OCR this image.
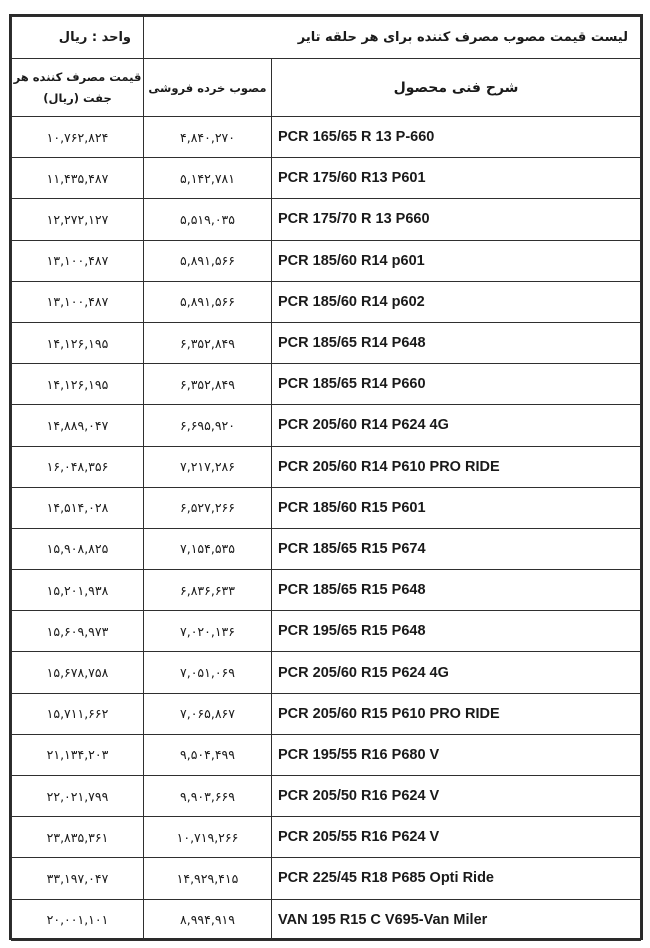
واحد : ریال	لیست قیمت مصوب مصرف کننده برای هر حلقه تایر	

قیمت مصرف کننده هر
جفت (ریال)	مصوب خرده فروشی	شرح فنی محصول
۱۰,۷۶۲,۸۲۴	۴,۸۴۰,۲۷۰	PCR 165/65 R 13 P-660
۱۱,۴۳۵,۴۸۷	۵,۱۴۲,۷۸۱	PCR 175/60 R13 P601
۱۲,۲۷۲,۱۲۷	۵,۵۱۹,۰۳۵	PCR 175/70 R 13 P660
۱۳,۱۰۰,۴۸۷	۵,۸۹۱,۵۶۶	PCR 185/60 R14 p601
۱۳,۱۰۰,۴۸۷	۵,۸۹۱,۵۶۶	PCR 185/60 R14 p602
۱۴,۱۲۶,۱۹۵	۶,۳۵۲,۸۴۹	PCR 185/65 R14 P648
۱۴,۱۲۶,۱۹۵	۶,۳۵۲,۸۴۹	PCR 185/65 R14 P660
۱۴,۸۸۹,۰۴۷	۶,۶۹۵,۹۲۰	PCR 205/60 R14 P624 4G
۱۶,۰۴۸,۳۵۶	۷,۲۱۷,۲۸۶	PCR 205/60 R14 P610 PRO RIDE
۱۴,۵۱۴,۰۲۸	۶,۵۲۷,۲۶۶	PCR 185/60 R15 P601
۱۵,۹۰۸,۸۲۵	۷,۱۵۴,۵۳۵	PCR 185/65 R15 P674
۱۵,۲۰۱,۹۳۸	۶,۸۳۶,۶۳۳	PCR 185/65 R15 P648
۱۵,۶۰۹,۹۷۳	۷,۰۲۰,۱۳۶	PCR 195/65 R15 P648
۱۵,۶۷۸,۷۵۸	۷,۰۵۱,۰۶۹	PCR 205/60 R15 P624 4G
۱۵,۷۱۱,۶۶۲	۷,۰۶۵,۸۶۷	PCR 205/60 R15 P610 PRO RIDE
۲۱,۱۳۴,۲۰۳	۹,۵۰۴,۴۹۹	PCR 195/55 R16 P680 V
۲۲,۰۲۱,۷۹۹	۹,۹۰۳,۶۶۹	PCR 205/50 R16 P624 V
۲۳,۸۳۵,۳۶۱	۱۰,۷۱۹,۲۶۶	PCR 205/55 R16 P624 V
۳۳,۱۹۷,۰۴۷	۱۴,۹۲۹,۴۱۵	PCR 225/45 R18 P685 Opti Ride
۲۰,۰۰۱,۱۰۱	۸,۹۹۴,۹۱۹	VAN 195 R15 C V695-Van Miler
